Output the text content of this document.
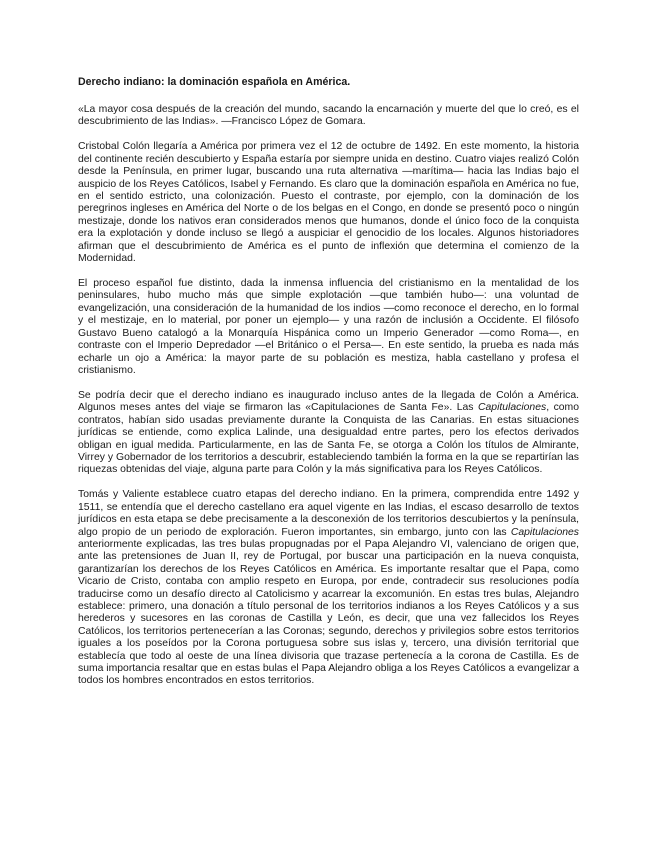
Derecho indiano: la dominación española en América.

«La mayor cosa después de la creación del mundo, sacando la encarnación y muerte del que lo creó, es el descubrimiento de las Indias». —Francisco López de Gomara.

Cristobal Colón llegaría a América por primera vez el 12 de octubre de 1492. En este momento, la historia del continente recién descubierto y España estaría por siempre unida en destino. Cuatro viajes realizó Colón desde la Península, en primer lugar, buscando una ruta alternativa —marítima— hacia las Indias bajo el auspicio de los Reyes Católicos, Isabel y Fernando. Es claro que la dominación española en América no fue, en el sentido estricto, una colonización. Puesto el contraste, por ejemplo, con la dominación de los peregrinos ingleses en América del Norte o de los belgas en el Congo, en donde se presentó poco o ningún mestizaje, donde los nativos eran considerados menos que humanos, donde el único foco de la conquista era la explotación y donde incluso se llegó a auspiciar el genocidio de los locales. Algunos historiadores afirman que el descubrimiento de América es el punto de inflexión que determina el comienzo de la Modernidad.

El proceso español fue distinto, dada la inmensa influencia del cristianismo en la mentalidad de los peninsulares, hubo mucho más que simple explotación —que también hubo—: una voluntad de evangelización, una consideración de la humanidad de los indios —como reconoce el derecho, en lo formal y el mestizaje, en lo material, por poner un ejemplo— y una razón de inclusión a Occidente. El filósofo Gustavo Bueno catalogó a la Monarquía Hispánica como un Imperio Generador —como Roma—, en contraste con el Imperio Depredador —el Británico o el Persa—. En este sentido, la prueba es nada más echarle un ojo a América: la mayor parte de su población es mestiza, habla castellano y profesa el cristianismo.

Se podría decir que el derecho indiano es inaugurado incluso antes de la llegada de Colón a América. Algunos meses antes del viaje se firmaron las «Capitulaciones de Santa Fe». Las Capitulaciones, como contratos, habían sido usadas previamente durante la Conquista de las Canarias. En estas situaciones jurídicas se entiende, como explica Lalinde, una desigualdad entre partes, pero los efectos derivados obligan en igual medida. Particularmente, en las de Santa Fe, se otorga a Colón los títulos de Almirante, Virrey y Gobernador de los territorios a descubrir, estableciendo también la forma en la que se repartirían las riquezas obtenidas del viaje, alguna parte para Colón y la más significativa para los Reyes Católicos.

Tomás y Valiente establece cuatro etapas del derecho indiano. En la primera, comprendida entre 1492 y 1511, se entendía que el derecho castellano era aquel vigente en las Indias, el escaso desarrollo de textos jurídicos en esta etapa se debe precisamente a la desconexión de los territorios descubiertos y la península, algo propio de un periodo de exploración. Fueron importantes, sin embargo, junto con las Capitulaciones anteriormente explicadas, las tres bulas propugnadas por el Papa Alejandro VI, valenciano de origen que, ante las pretensiones de Juan II, rey de Portugal, por buscar una participación en la nueva conquista, garantizarían los derechos de los Reyes Católicos en América. Es importante resaltar que el Papa, como Vicario de Cristo, contaba con amplio respeto en Europa, por ende, contradecir sus resoluciones podía traducirse como un desafío directo al Catolicismo y acarrear la excomunión. En estas tres bulas, Alejandro establece: primero, una donación a título personal de los territorios indianos a los Reyes Católicos y a sus herederos y sucesores en las coronas de Castilla y León, es decir, que una vez fallecidos los Reyes Católicos, los territorios pertenecerían a las Coronas; segundo, derechos y privilegios sobre estos territorios iguales a los poseídos por la Corona portuguesa sobre sus islas y, tercero, una división territorial que establecía que todo al oeste de una línea divisoria que trazase pertenecía a la corona de Castilla. Es de suma importancia resaltar que en estas bulas el Papa Alejandro obliga a los Reyes Católicos a evangelizar a todos los hombres encontrados en estos territorios.
